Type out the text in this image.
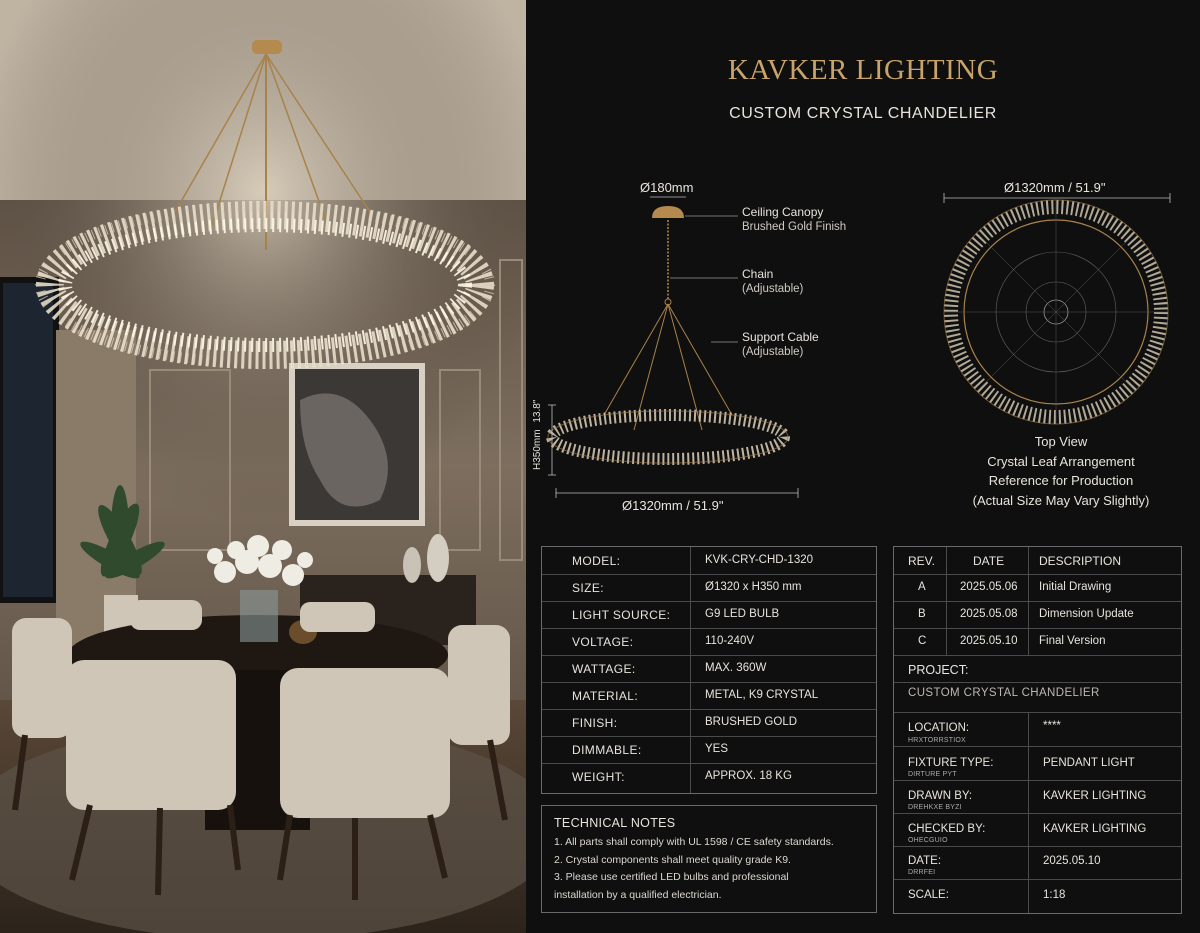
KAVKER LIGHTING
CUSTOM CRYSTAL CHANDELIER
Ø180mm
Ceiling Canopy
Brushed Gold Finish
Chain
(Adjustable)
Support Cable
(Adjustable)
H350mm 13.8"
Ø1320mm / 51.9"
Ø1320mm / 51.9"
Top View
Crystal Leaf Arrangement
Reference for Production
(Actual Size May Vary Slightly)
MODEL:	KVK-CRY-CHD-1320
SIZE:	Ø1320 x H350 mm
LIGHT SOURCE:	G9 LED BULB
VOLTAGE:	110-240V
WATTAGE:	MAX. 360W
MATERIAL:	METAL, K9 CRYSTAL
FINISH:	BRUSHED GOLD
DIMMABLE:	YES
WEIGHT:	APPROX. 18 KG
TECHNICAL NOTES
1. All parts shall comply with UL 1598 / CE safety standards.
2. Crystal components shall meet quality grade K9.
3. Please use certified LED bulbs and professional
installation by a qualified electrician.
REV.	DATE	DESCRIPTION
A	2025.05.06 Initial Drawing
B	2025.05.08 Dimension Update
C	2025.05.10 Final Version
PROJECT:
CUSTOM CRYSTAL CHANDELIER
LOCATION:
HRXTORRSTIOX
****
FIXTURE TYPE:
DIRTURE PYT
PENDANT LIGHT
DRAWN BY:
DREHKXE BYZI
KAVKER LIGHTING
CHECKED BY:
OHECGUIO
KAVKER LIGHTING
DATE:
DRRFEI
2025.05.10
SCALE:	1:18
